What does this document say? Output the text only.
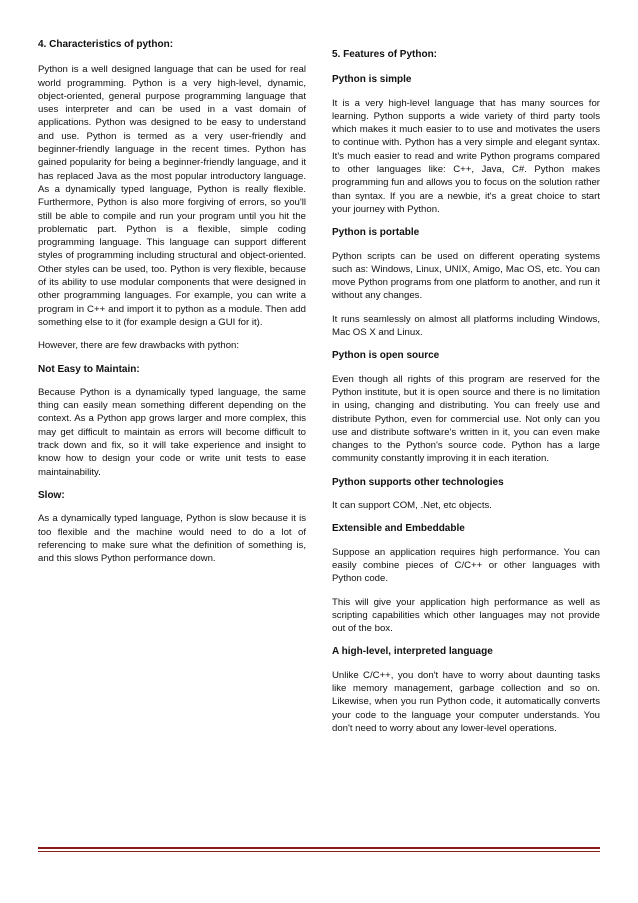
4. Characteristics of python:

Python is a well designed language that can be used for real world programming. Python is a very high-level, dynamic, object-oriented, general purpose programming language that uses interpreter and can be used in a vast domain of applications. Python was designed to be easy to understand and use. Python is termed as a very user-friendly and beginner-friendly language in the recent times. Python has gained popularity for being a beginner-friendly language, and it has replaced Java as the most popular introductory language. As a dynamically typed language, Python is really flexible. Furthermore, Python is also more forgiving of errors, so you'll still be able to compile and run your program until you hit the problematic part. Python is a flexible, simple coding programming language. This language can support different styles of programming including structural and object-oriented. Other styles can be used, too. Python is very flexible, because of its ability to use modular components that were designed in other programming languages. For example, you can write a program in C++ and import it to python as a module. Then add something else to it (for example design a GUI for it).

However, there are few drawbacks with python:

Not Easy to Maintain:

Because Python is a dynamically typed language, the same thing can easily mean something different depending on the context. As a Python app grows larger and more complex, this may get difficult to maintain as errors will become difficult to track down and fix, so it will take experience and insight to know how to design your code or write unit tests to ease maintainability.

Slow:

As a dynamically typed language, Python is slow because it is too flexible and the machine would need to do a lot of referencing to make sure what the definition of something is, and this slows Python performance down.

5. Features of Python:
Python is simple

It is a very high-level language that has many sources for learning. Python supports a wide variety of third party tools which makes it much easier to to use and motivates the users to continue with. Python has a very simple and elegant syntax. It's much easier to read and write Python programs compared to other languages like: C++, Java, C#. Python makes programming fun and allows you to focus on the solution rather than syntax. If you are a newbie, it's a great choice to start your journey with Python.

Python is portable

Python scripts can be used on different operating systems such as: Windows, Linux, UNIX, Amigo, Mac OS, etc. You can move Python programs from one platform to another, and run it without any changes.

It runs seamlessly on almost all platforms including Windows, Mac OS X and Linux.

Python is open source

Even though all rights of this program are reserved for the Python institute, but it is open source and there is no limitation in using, changing and distributing. You can freely use and distribute Python, even for commercial use. Not only can you use and distribute software's written in it, you can even make changes to the Python's source code. Python has a large community constantly improving it in each iteration.

Python supports other technologies

It can support COM, .Net, etc objects.

Extensible and Embeddable

Suppose an application requires high performance. You can easily combine pieces of C/C++ or other languages with Python code.

This will give your application high performance as well as scripting capabilities which other languages may not provide out of the box.

A high-level, interpreted language

Unlike C/C++, you don't have to worry about daunting tasks like memory management, garbage collection and so on. Likewise, when you run Python code, it automatically converts your code to the language your computer understands. You don't need to worry about any lower-level operations.
